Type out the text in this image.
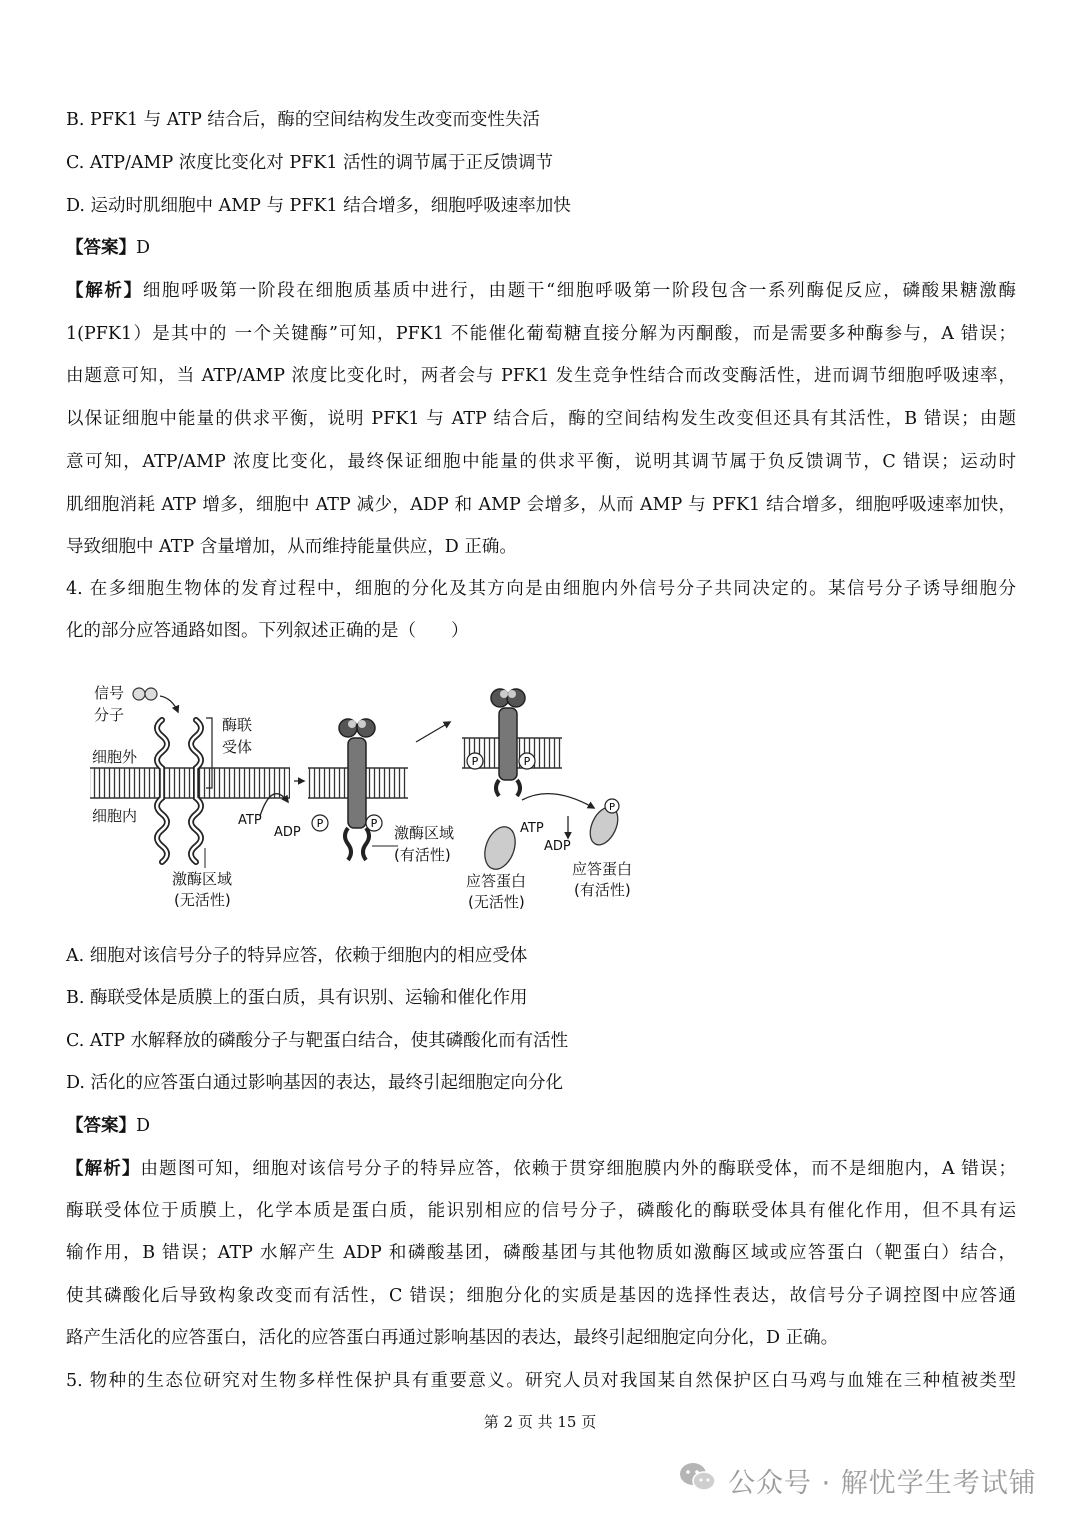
B. PFK1 与 ATP 结合后，酶的空间结构发生改变而变性失活
C. ATP/AMP 浓度比变化对 PFK1 活性的调节属于正反馈调节
D. 运动时肌细胞中 AMP 与 PFK1 结合增多，细胞呼吸速率加快
【答案】D
【解析】细胞呼吸第一阶段在细胞质基质中进行，由题干“细胞呼吸第一阶段包含一系列酶促反应，磷酸果糖激酶
1(PFK1）是其中的 一个关键酶”可知，PFK1 不能催化葡萄糖直接分解为丙酮酸，而是需要多种酶参与，A 错误；
由题意可知，当 ATP/AMP 浓度比变化时，两者会与 PFK1 发生竞争性结合而改变酶活性，进而调节细胞呼吸速率，
以保证细胞中能量的供求平衡，说明 PFK1 与 ATP 结合后，酶的空间结构发生改变但还具有其活性，B 错误；由题
意可知，ATP/AMP 浓度比变化，最终保证细胞中能量的供求平衡，说明其调节属于负反馈调节，C 错误；运动时
肌细胞消耗 ATP 增多，细胞中 ATP 减少，ADP 和 AMP 会增多，从而 AMP 与 PFK1 结合增多，细胞呼吸速率加快，
导致细胞中 ATP 含量增加，从而维持能量供应，D 正确。
4. 在多细胞生物体的发育过程中，细胞的分化及其方向是由细胞内外信号分子共同决定的。某信号分子诱导细胞分
化的部分应答通路如图。下列叙述正确的是（　　）
P	P
P	P
P
信号
分子
酶联
受体
细胞外
细胞内
激酶区域
(无活性)
激酶区域
(有活性)
应答蛋白
(无活性)
应答蛋白
(有活性)
ATP
ADP	ATP
ADP
A. 细胞对该信号分子的特异应答，依赖于细胞内的相应受体
B. 酶联受体是质膜上的蛋白质，具有识别、运输和催化作用
C. ATP 水解释放的磷酸分子与靶蛋白结合，使其磷酸化而有活性
D. 活化的应答蛋白通过影响基因的表达，最终引起细胞定向分化
【答案】D
【解析】由题图可知，细胞对该信号分子的特异应答，依赖于贯穿细胞膜内外的酶联受体，而不是细胞内，A 错误；
酶联受体位于质膜上，化学本质是蛋白质，能识别相应的信号分子，磷酸化的酶联受体具有催化作用，但不具有运
输作用，B 错误；ATP 水解产生 ADP 和磷酸基团，磷酸基团与其他物质如激酶区域或应答蛋白（靶蛋白）结合，
使其磷酸化后导致构象改变而有活性，C 错误；细胞分化的实质是基因的选择性表达，故信号分子调控图中应答通
路产生活化的应答蛋白，活化的应答蛋白再通过影响基因的表达，最终引起细胞定向分化，D 正确。
5. 物种的生态位研究对生物多样性保护具有重要意义。研究人员对我国某自然保护区白马鸡与血雉在三种植被类型
第 2 页 共 15 页
公众号 · 解忧学生考试铺
